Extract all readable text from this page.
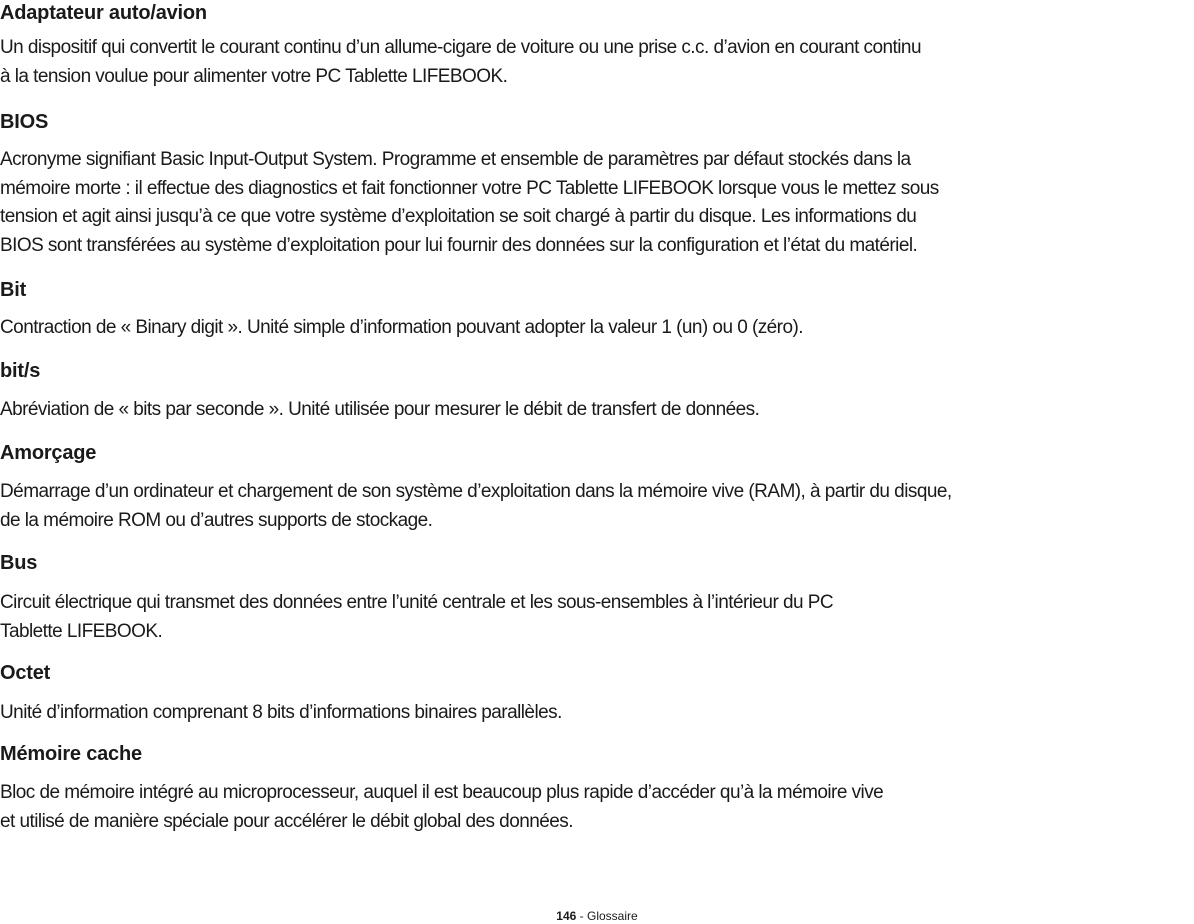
Adaptateur auto/avion
Un dispositif qui convertit le courant continu d’un allume-cigare de voiture ou une prise c.c. d’avion en courant continu
à la tension voulue pour alimenter votre PC Tablette LIFEBOOK.
BIOS
Acronyme signifiant Basic Input-Output System. Programme et ensemble de paramètres par défaut stockés dans la
mémoire morte : il effectue des diagnostics et fait fonctionner votre PC Tablette LIFEBOOK lorsque vous le mettez sous
tension et agit ainsi jusqu’à ce que votre système d’exploitation se soit chargé à partir du disque. Les informations du
BIOS sont transférées au système d’exploitation pour lui fournir des données sur la configuration et l’état du matériel.
Bit
Contraction de « Binary digit ». Unité simple d’information pouvant adopter la valeur 1 (un) ou 0 (zéro).
bit/s
Abréviation de « bits par seconde ». Unité utilisée pour mesurer le débit de transfert de données.
Amorçage
Démarrage d’un ordinateur et chargement de son système d’exploitation dans la mémoire vive (RAM), à partir du disque,
de la mémoire ROM ou d’autres supports de stockage.
Bus
Circuit électrique qui transmet des données entre l’unité centrale et les sous-ensembles à l’intérieur du PC
Tablette LIFEBOOK.
Octet
Unité d’information comprenant 8 bits d’informations binaires parallèles.
Mémoire cache
Bloc de mémoire intégré au microprocesseur, auquel il est beaucoup plus rapide d’accéder qu’à la mémoire vive
et utilisé de manière spéciale pour accélérer le débit global des données.
146 - Glossaire
